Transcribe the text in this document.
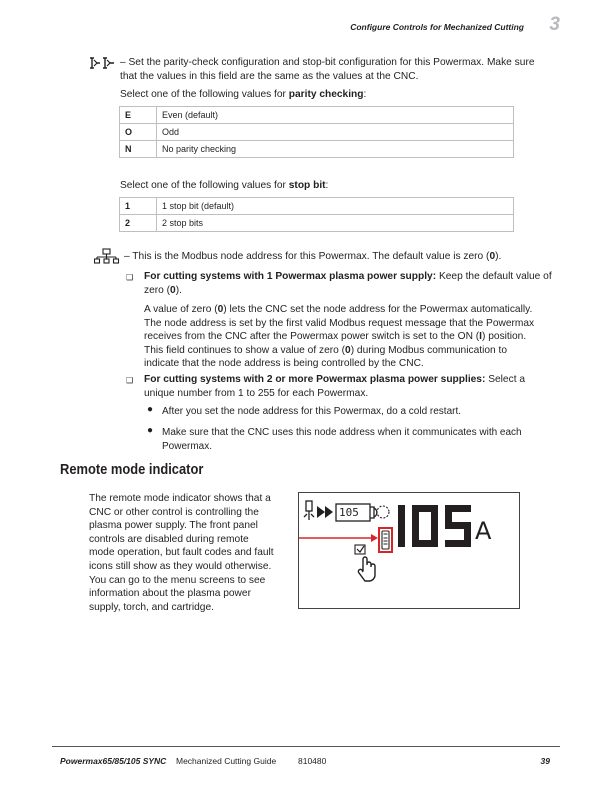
Configure Controls for Mechanized Cutting 3
– Set the parity-check configuration and stop-bit configuration for this Powermax. Make sure that the values in this field are the same as the values at the CNC.
Select one of the following values for parity checking:
E	Even (default)
O	Odd
N	No parity checking
Select one of the following values for stop bit:
1	1 stop bit (default)
2	2 stop bits
– This is the Modbus node address for this Powermax. The default value is zero (0).
❑ For cutting systems with 1 Powermax plasma power supply: Keep the default value of zero (0).
A value of zero (0) lets the CNC set the node address for the Powermax automatically.
The node address is set by the first valid Modbus request message that the Powermax
receives from the CNC after the Powermax power switch is set to the ON (I) position.
This field continues to show a value of zero (0) during Modbus communication to
indicate that the node address is being controlled by the CNC.
❑ For cutting systems with 2 or more Powermax plasma power supplies: Select a unique number from 1 to 255 for each Powermax.
● After you set the node address for this Powermax, do a cold restart.
● Make sure that the CNC uses this node address when it communicates with each Powermax.
Remote mode indicator
The remote mode indicator shows that a
CNC or other control is controlling the
plasma power supply. The front panel
controls are disabled during remote
mode operation, but fault codes and fault
icons still show as they would otherwise.
You can go to the menu screens to see
information about the plasma power
supply, torch, and cartridge.
105
A
Powermax65/85/105 SYNC Mechanized Cutting Guide	810480	39
